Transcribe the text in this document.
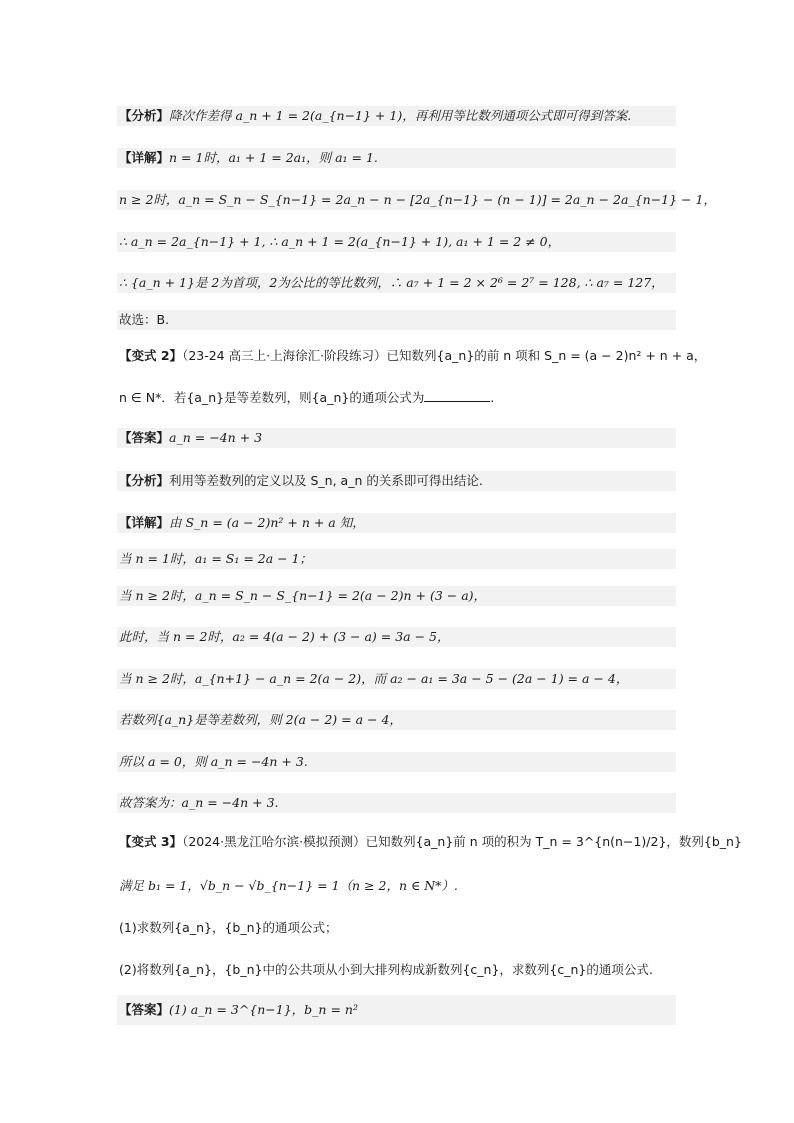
【分析】降次作差得 a_n + 1 = 2(a_{n−1} + 1)，再利用等比数列通项公式即可得到答案.
【详解】n = 1时，a₁ + 1 = 2a₁，则 a₁ = 1.
n ≥ 2时，a_n = S_n − S_{n−1} = 2a_n − n − [2a_{n−1} − (n − 1)] = 2a_n − 2a_{n−1} − 1，
∴ a_n = 2a_{n−1} + 1, ∴ a_n + 1 = 2(a_{n−1} + 1), a₁ + 1 = 2 ≠ 0，
∴ {a_n + 1}是 2为首项，2为公比的等比数列，∴ a₇ + 1 = 2 × 2⁶ = 2⁷ = 128, ∴ a₇ = 127，
故选：B.
【变式 2】（23-24 高三上·上海徐汇·阶段练习）已知数列{a_n}的前 n 项和 S_n = (a − 2)n² + n + a，
n ∈ N*．若{a_n}是等差数列，则{a_n}的通项公式为	.
【答案】a_n = −4n + 3
【分析】利用等差数列的定义以及 S_n, a_n 的关系即可得出结论.
【详解】由 S_n = (a − 2)n² + n + a 知，
当 n = 1时，a₁ = S₁ = 2a − 1；
当 n ≥ 2时，a_n = S_n − S_{n−1} = 2(a − 2)n + (3 − a)，
此时，当 n = 2时，a₂ = 4(a − 2) + (3 − a) = 3a − 5，
当 n ≥ 2时，a_{n+1} − a_n = 2(a − 2)，而 a₂ − a₁ = 3a − 5 − (2a − 1) = a − 4，
若数列{a_n}是等差数列，则 2(a − 2) = a − 4，
所以 a = 0，则 a_n = −4n + 3.
故答案为：a_n = −4n + 3.
【变式 3】（2024·黑龙江哈尔滨·模拟预测）已知数列{a_n}前 n 项的积为 T_n = 3^{n(n−1)/2}，数列{b_n}
满足 b₁ = 1，√b_n − √b_{n−1} = 1（n ≥ 2，n ∈ N*）.
(1)求数列{a_n}，{b_n}的通项公式；
(2)将数列{a_n}，{b_n}中的公共项从小到大排列构成新数列{c_n}，求数列{c_n}的通项公式.
【答案】(1) a_n = 3^{n−1}，b_n = n²
